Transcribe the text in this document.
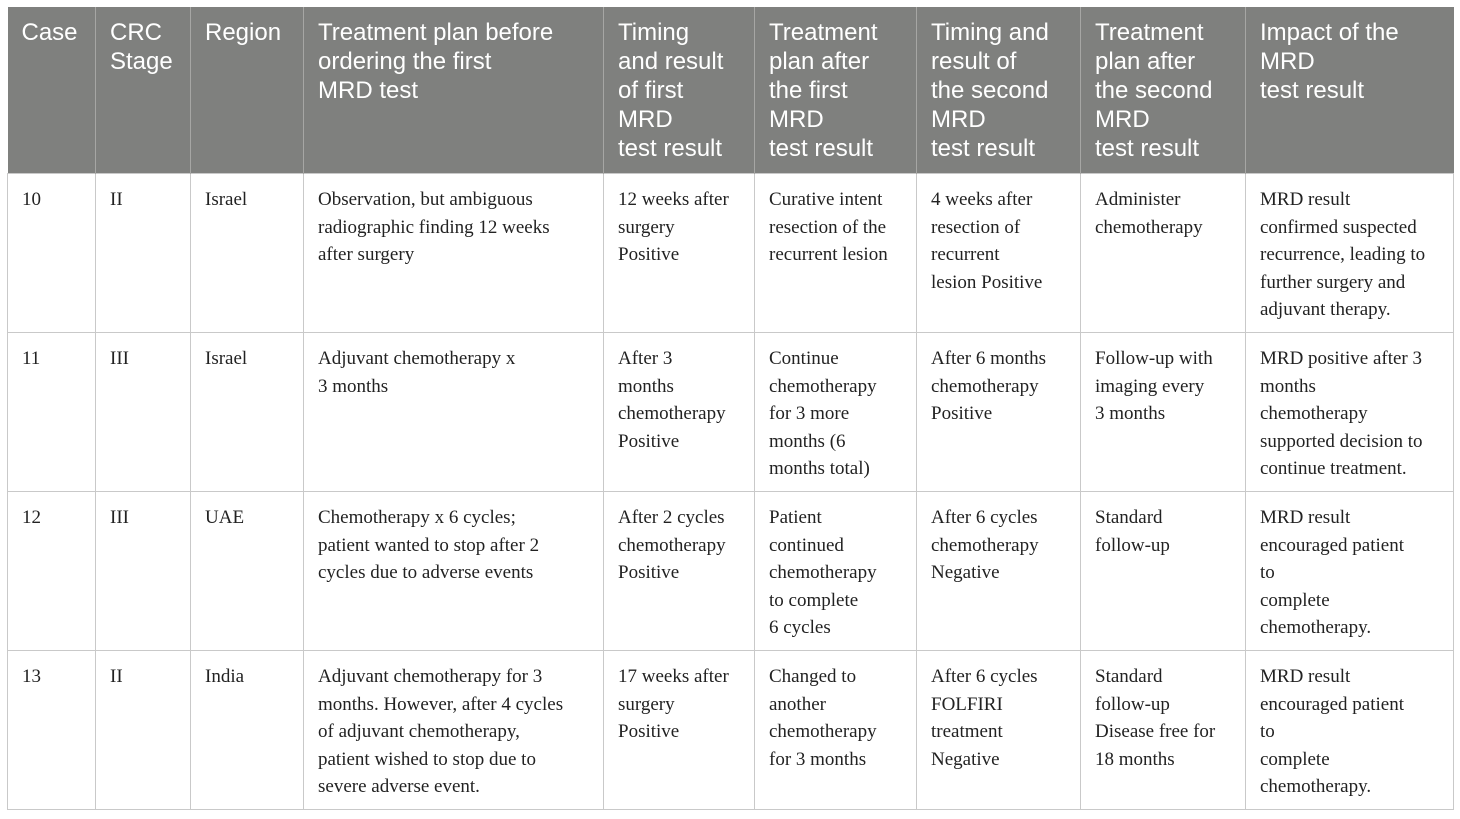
Case	CRC
Stage	Region	Treatment plan before
ordering the first
MRD test	Timing
and result
of first
MRD
test result	Treatment
plan after
the first
MRD
test result	Timing and
result of
the second
MRD
test result	Treatment
plan after
the second
MRD
test result	Impact of the
MRD
test result
10	II	Israel	Observation, but ambiguous
radiographic finding 12 weeks
after surgery	12 weeks after
surgery
Positive	Curative intent
resection of the
recurrent lesion	4 weeks after
resection of
recurrent
lesion Positive	Administer
chemotherapy	MRD result
confirmed suspected
recurrence, leading to
further surgery and
adjuvant therapy.
11	III	Israel	Adjuvant chemotherapy x
3 months	After 3
months
chemotherapy
Positive	Continue
chemotherapy
for 3 more
months (6
months total)	After 6 months
chemotherapy
Positive	Follow-up with
imaging every
3 months	MRD positive after 3
months
chemotherapy
supported decision to
continue treatment.
12	III	UAE	Chemotherapy x 6 cycles;
patient wanted to stop after 2
cycles due to adverse events	After 2 cycles
chemotherapy
Positive	Patient
continued
chemotherapy
to complete
6 cycles	After 6 cycles
chemotherapy
Negative	Standard
follow-up	MRD result
encouraged patient
to
complete
chemotherapy.
13	II	India	Adjuvant chemotherapy for 3
months. However, after 4 cycles
of adjuvant chemotherapy,
patient wished to stop due to
severe adverse event.	17 weeks after
surgery
Positive	Changed to
another
chemotherapy
for 3 months	After 6 cycles
FOLFIRI
treatment
Negative	Standard
follow-up
Disease free for
18 months	MRD result
encouraged patient
to
complete
chemotherapy.
